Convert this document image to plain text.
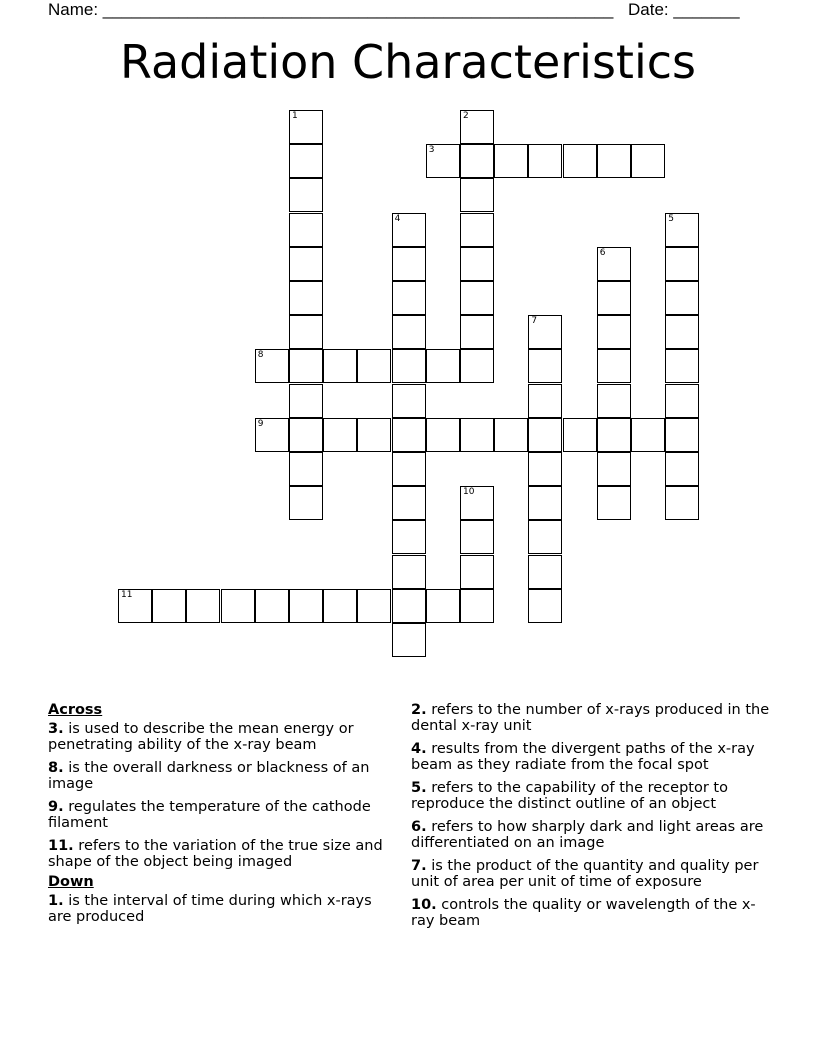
Name: ______________________________________________________ Date: _______
Radiation Characteristics
1	2
3
4	5
6
7
8
9
10
11
Across
3. is used to describe the mean energy or penetrating ability of the x-ray beam
8. is the overall darkness or blackness of an image
9. regulates the temperature of the cathode filament
11. refers to the variation of the true size and shape of the object being imaged
Down
1. is the interval of time during which x-rays are produced
2. refers to the number of x-rays produced in the dental x-ray unit
4. results from the divergent paths of the x-ray beam as they radiate from the focal spot
5. refers to the capability of the receptor to reproduce the distinct outline of an object
6. refers to how sharply dark and light areas are differentiated on an image
7. is the product of the quantity and quality per unit of area per unit of time of exposure
10. controls the quality or wavelength of the x-ray beam
